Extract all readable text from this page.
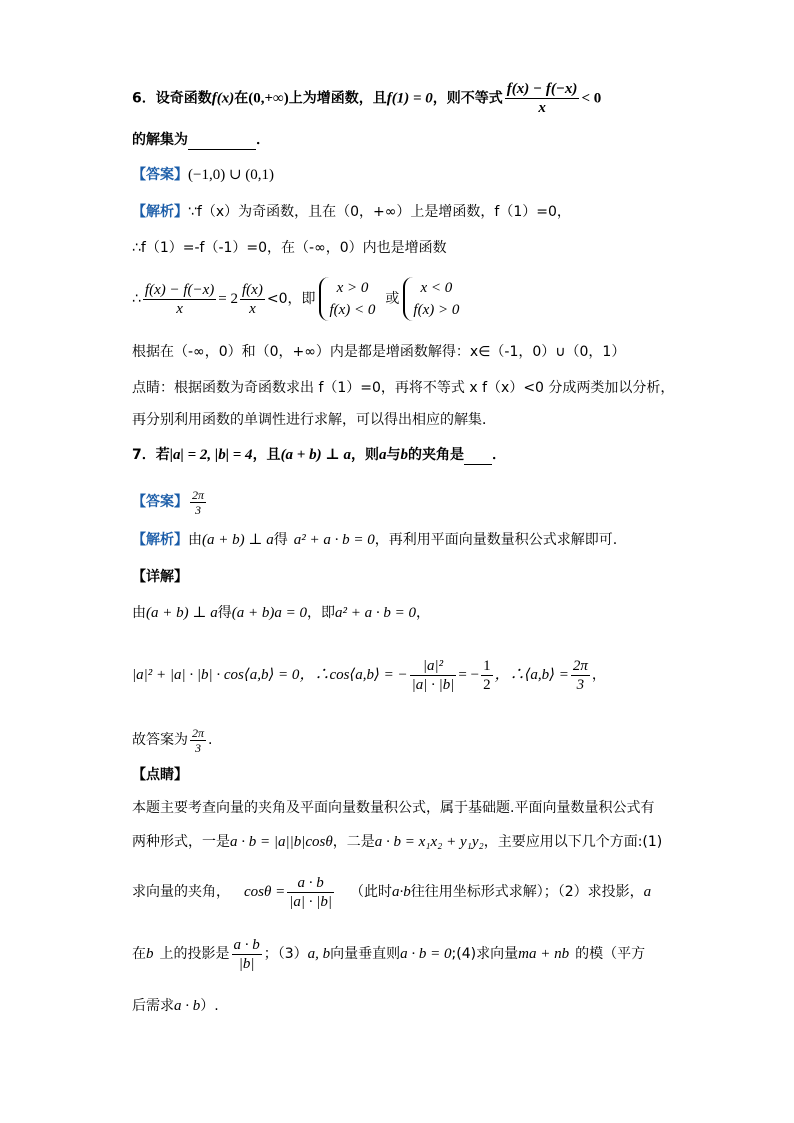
6．设奇函数f(x)在(0,+∞)上为增函数，且f(1) = 0，则不等式 $\frac{f(x) - f(-x)}{x} < 0$
的解集为	．
【答案】(−1,0) ∪ (0,1)
【解析】∵f（x）为奇函数，且在（0，+∞）上是增函数，f（1）=0，
∴f（1）=-f（-1）=0，在（-∞，0）内也是增函数
∴ $\frac{f(x) - f(-x)}{x} = 2 \frac{f(x)}{x} <0$，即
x > 0
f(x) < 0
或
x < 0
f(x) > 0
根据在（-∞，0）和（0，+∞）内是都是增函数解得：x∈（-1，0）∪（0，1）
点睛：根据函数为奇函数求出 f（1）=0，再将不等式 x f（x）<0 分成两类加以分析，
再分别利用函数的单调性进行求解，可以得出相应的解集．
7．若|a| = 2, |b| = 4，且(a + b) ⊥ a，则a与b的夹角是 ．
【答案】 $\frac{2\pi}{3}$
【解析】由(a + b) ⊥ a得 a² + a · b = 0，再利用平面向量数量积公式求解即可.
【详解】
由(a + b) ⊥ a得(a + b)a = 0，即a² + a · b = 0，
|a|² + |a| · |b| · cos⟨a,b⟩ = 0，∴cos⟨a,b⟩ = − $\frac{\text{|a|²}}{|a| \cdot |b|}$ = − $\frac{1}{2}$ ，∴⟨a,b⟩ = $\frac{2\pi}{3}$ ，
故答案为 $\frac{2\pi}{3}$ .
【点睛】
本题主要考查向量的夹角及平面向量数量积公式，属于基础题.平面向量数量积公式有
两种形式，一是a · b = |a||b|cosθ，二是a · b = x₁x₂ + y₁y₂，主要应用以下几个方面:(1)
求向量的夹角， $\cos\theta = \frac{a \cdot b}{|a| \cdot |b|}$ （此时a·b往往用坐标形式求解）；（2）求投影，a
在b 上的投影是 $\frac{a \cdot b}{|b|}$ ；（3）a, b向量垂直则a · b = 0;(4)求向量ma + nb 的模（平方
后需求a · b）.
